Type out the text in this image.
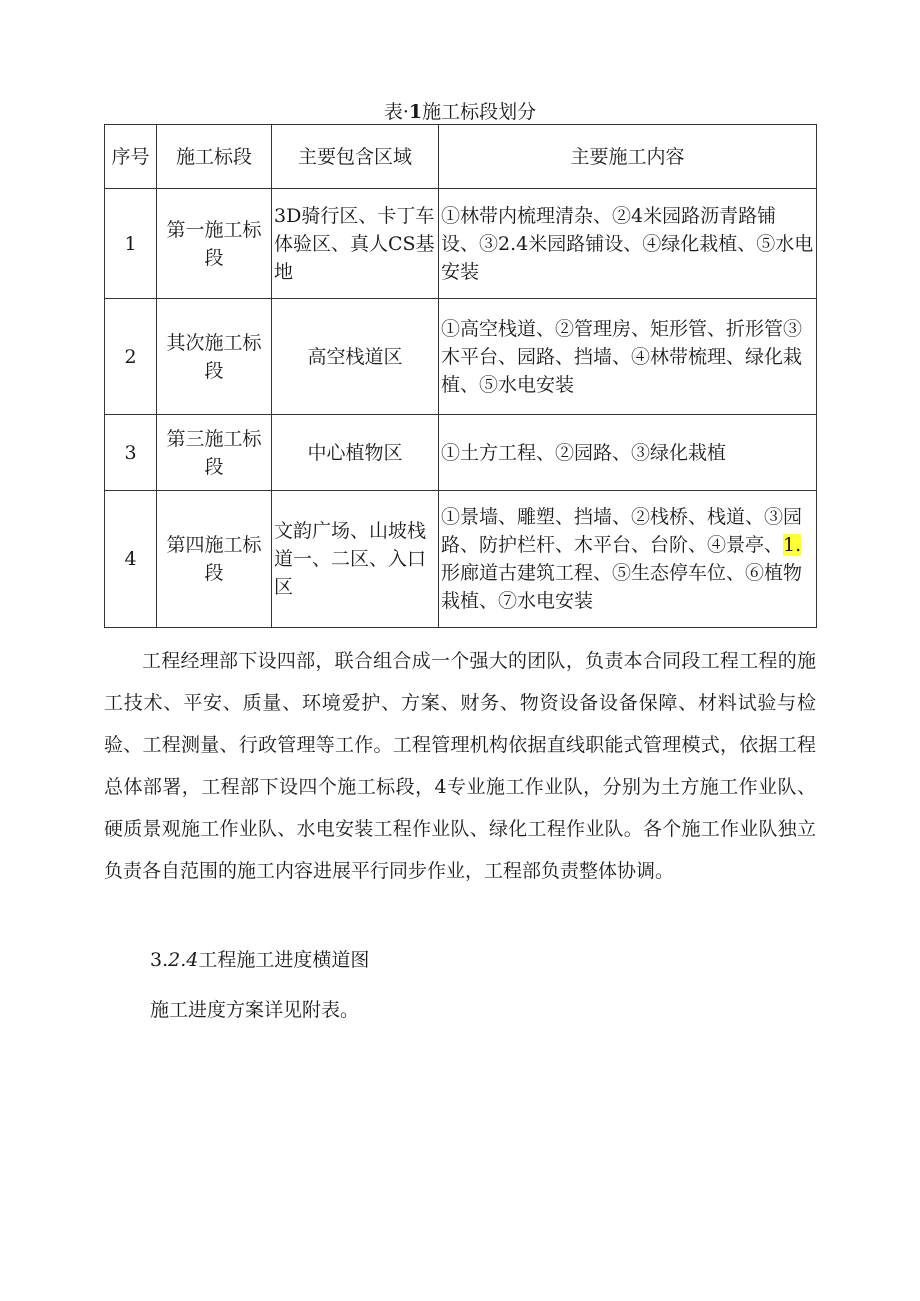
表·1施工标段划分
序号	施工标段	主要包含区域	主要施工内容
1	第一施工标段	3D骑行区、卡丁车体验区、真人CS基地	①林带内梳理清杂、②4米园路沥青路铺设、③2.4米园路铺设、④绿化栽植、⑤水电安装
2	其次施工标段	高空栈道区	①高空栈道、②管理房、矩形管、折形管③木平台、园路、挡墙、④林带梳理、绿化栽植、⑤水电安装
3	第三施工标段	中心植物区	①土方工程、②园路、③绿化栽植
4	第四施工标段	文韵广场、山坡栈道一、二区、入口区	①景墙、雕塑、挡墙、②栈桥、栈道、③园路、防护栏杆、木平台、台阶、④景亭、1.形廊道古建筑工程、⑤生态停车位、⑥植物栽植、⑦水电安装

工程经理部下设四部，联合组合成一个强大的团队，负责本合同段工程工程的施工技术、平安、质量、环境爱护、方案、财务、物资设备设备保障、材料试验与检验、工程测量、行政管理等工作。工程管理机构依据直线职能式管理模式，依据工程总体部署，工程部下设四个施工标段，4专业施工作业队，分别为土方施工作业队、硬质景观施工作业队、水电安装工程作业队、绿化工程作业队。各个施工作业队独立负责各自范围的施工内容进展平行同步作业，工程部负责整体协调。

3.2.4工程施工进度横道图
施工进度方案详见附表。
